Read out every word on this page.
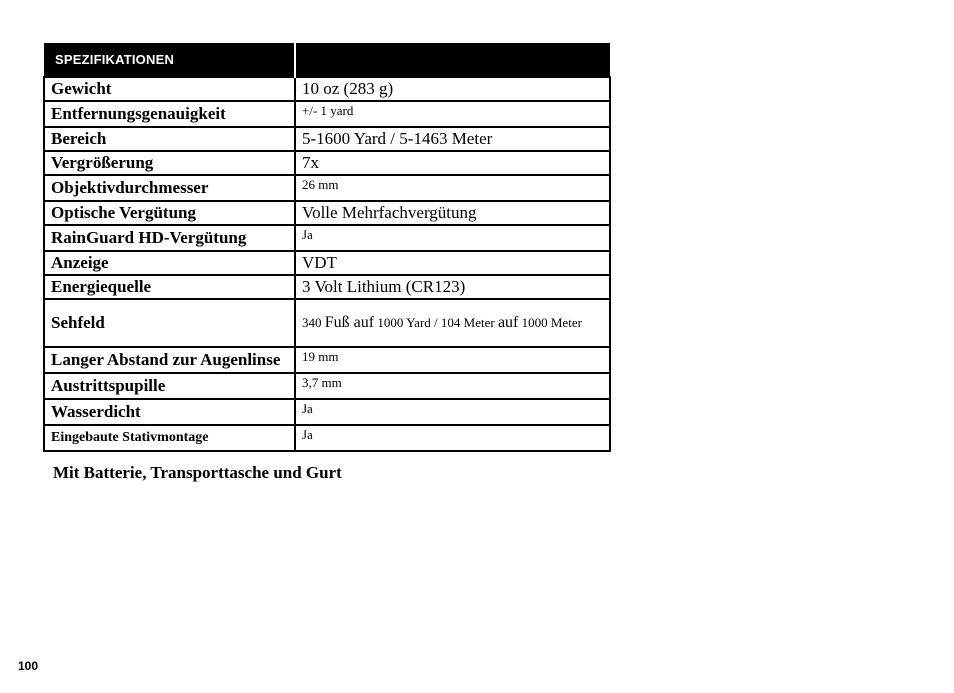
SPEZIFIKATIONEN	
Gewicht	10 oz (283 g)
Entfernungsgenauigkeit	+/- 1 yard
Bereich	5-1600 Yard / 5-1463 Meter
Vergrößerung	7x
Objektivdurchmesser	26 mm
Optische Vergütung	Volle Mehrfachvergütung
RainGuard HD-Vergütung	Ja
Anzeige	VDT
Energiequelle	3 Volt Lithium (CR123)
Sehfeld	340 Fuß auf 1000 Yard / 104 Meter auf 1000 Meter
Langer Abstand zur Augenlinse	19 mm
Austrittspupille	3,7 mm
Wasserdicht	Ja
Eingebaute Stativmontage	Ja
Mit Batterie, Transporttasche und Gurt
100
